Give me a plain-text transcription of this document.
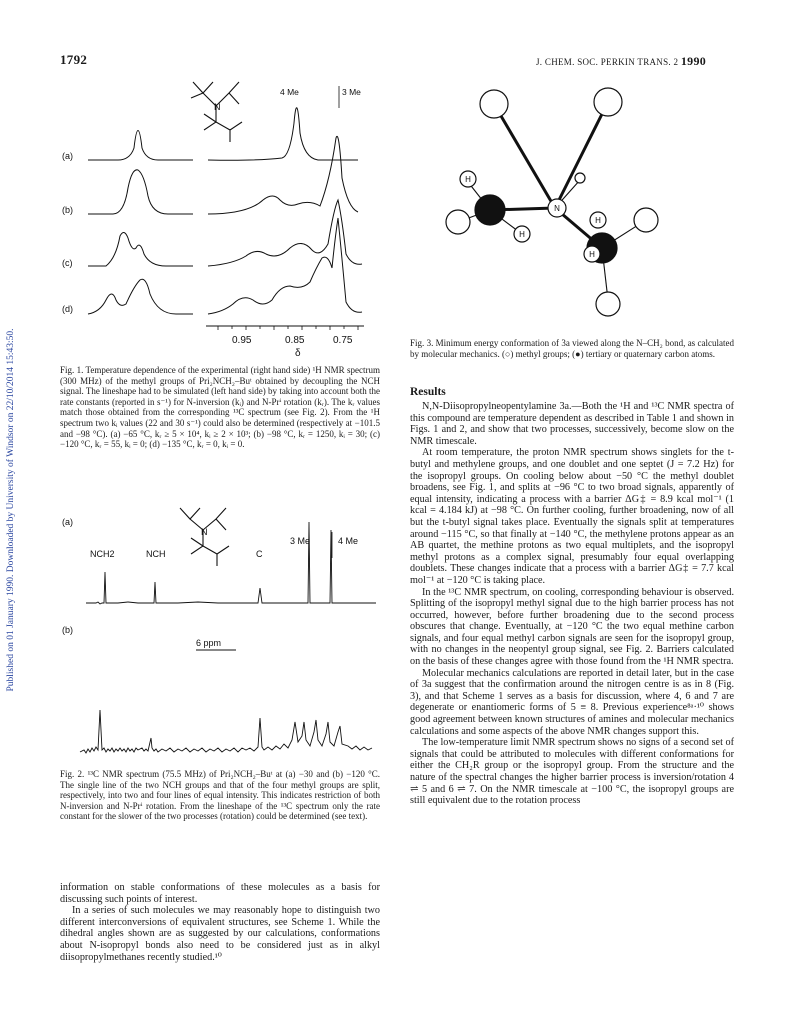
Published on 01 January 1990. Downloaded by University of Windsor on 22/10/2014 15:43:50.
1792	J. CHEM. SOC. PERKIN TRANS. 2 1990
N
4 Me	3 Me
(a)
(b)
(c)
(d)
0.95	0.85	0.75
δ
Fig. 1. Temperature dependence of the experimental (right hand side) ¹H NMR spectrum (300 MHz) of the methyl groups of Pri₂NCH₂–Buᵗ obtained by decoupling the NCH signal. The lineshape had to be simulated (left hand side) by taking into account both the rate constants (reported in s⁻¹) for N-inversion (kᵢ) and N-Prⁱ rotation (kᵣ). The kᵣ values match those obtained from the corresponding ¹³C spectrum (see Fig. 2). From the ¹H spectrum two kᵢ values (22 and 30 s⁻¹) could also be determined (respectively at −101.5 and −98 °C). (a) −65 °C, kᵣ ≥ 5 × 10⁴, kᵢ ≥ 2 × 10³; (b) −98 °C, kᵣ = 1250, kᵢ = 30; (c) −120 °C, kᵣ = 55, kᵢ = 0; (d) −135 °C, kᵣ = 0, kᵢ = 0.
N
(a)
(b)
NCH2	NCH	C
3 Me	4 Me
6 ppm
Fig. 2. ¹³C NMR spectrum (75.5 MHz) of Pri₂NCH₂–Buᵗ at (a) −30 and (b) −120 °C. The single line of the two NCH groups and that of the four methyl groups are split, respectively, into two and four lines of equal intensity. This indicates restriction of both N-inversion and N-Prⁱ rotation. From the lineshape of the ¹³C spectrum only the rate constant for the slower of the two processes (rotation) could be determined (see text).
H
H
N
H
H
Fig. 3. Minimum energy conformation of 3a viewed along the N–CH₂ bond, as calculated by molecular mechanics. (○) methyl groups; (●) tertiary or quaternary carbon atoms.

information on stable conformations of these molecules as a basis for discussing such points of interest.

In a series of such molecules we may reasonably hope to distinguish two different interconversions of equivalent structures, see Scheme 1. While the dihedral angles shown are as suggested by our calculations, conformations about N-isopropyl bonds also need to be considered just as in alkyl diisopropylmethanes recently studied.¹⁰

Results

N,N-Diisopropylneopentylamine 3a.—Both the ¹H and ¹³C NMR spectra of this compound are temperature dependent as described in Table 1 and shown in Figs. 1 and 2, and show that two processes, successively, become slow on the NMR timescale.

At room temperature, the proton NMR spectrum shows singlets for the t-butyl and methylene groups, and one doublet and one septet (J = 7.2 Hz) for the isopropyl groups. On cooling below about −50 °C the methyl doublet broadens, see Fig. 1, and splits at −96 °C to two broad signals, apparently of equal intensity, indicating a process with a barrier ΔG‡ = 8.9 kcal mol⁻¹ (1 kcal = 4.184 kJ) at −98 °C. On further cooling, further broadening, now of all but the t-butyl signal takes place. Eventually the signals split at temperatures around −115 °C, so that finally at −140 °C, the methylene protons appear as an AB quartet, the methine protons as two equal multiplets, and the isopropyl methyl protons as a complex signal, presumably four equal overlapping doublets. These changes indicate that a process with a barrier ΔG‡ = 7.7 kcal mol⁻¹ at −120 °C is taking place.

In the ¹³C NMR spectrum, on cooling, corresponding behaviour is observed. Splitting of the isopropyl methyl signal due to the high barrier process has not occurred, however, before further broadening due to the second process obscures that change. Eventually, at −120 °C the two equal methine carbon signals, and four equal methyl carbon signals are seen for the isopropyl group, with no changes in the neopentyl group signal, see Fig. 2. Barriers calculated on the basis of these changes agree with those found from the ¹H NMR spectra.

Molecular mechanics calculations are reported in detail later, but in the case of 3a suggest that the confirmation around the nitrogen centre is as in 8 (Fig. 3), and that Scheme 1 serves as a basis for discussion, where 4, 6 and 7 are degenerate or enantiomeric forms of 5 ≡ 8. Previous experience⁸ᵃ·¹⁰ shows good agreement between known structures of amines and molecular mechanics calculations and some aspects of the above NMR changes support this.

The low-temperature limit NMR spectrum shows no signs of a second set of signals that could be attributed to molecules with different conformations for either the CH₂R group or the isopropyl group. From the structure and the nature of the spectral changes the higher barrier process is inversion/rotation 4 ⇌ 5 and 6 ⇌ 7. On the NMR timescale at −100 °C, the isopropyl groups are still equivalent due to the rotation process
